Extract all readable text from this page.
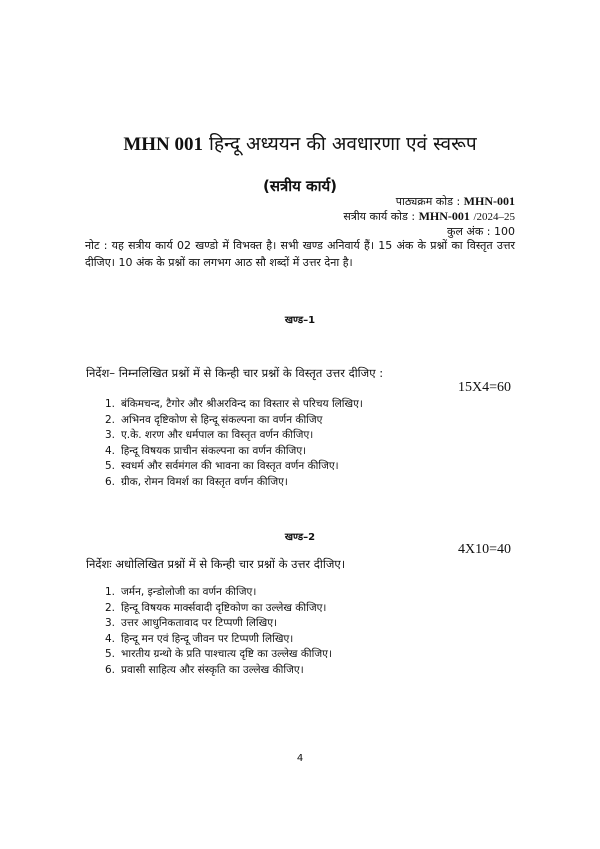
MHN 001 हिन्दू अध्ययन की अवधारणा एवं स्वरूप
(सत्रीय कार्य)
पाठ्यक्रम कोड : MHN-001
सत्रीय कार्य कोड : MHN-001 /2024–25
कुल अंक : 100
नोट : यह सत्रीय कार्य 02 खण्डो में विभक्त है। सभी खण्ड अनिवार्य हैं। 15 अंक के प्रश्नों का विस्तृत उत्तर दीजिए। 10 अंक के प्रश्नों का लगभग आठ सौ शब्दों में उत्तर देना है।
खण्ड–1
निर्देश– निम्नलिखित प्रश्नों में से किन्ही चार प्रश्नों के विस्तृत उत्तर दीजिए :
15X4=60
1. बंकिमचन्द, टैगोर और श्रीअरविन्द का विस्तार से परिचय लिखिए।
2. अभिनव दृष्टिकोण से हिन्दू संकल्पना का वर्णन कीजिए
3. ए.के. शरण और धर्मपाल का विस्तृत वर्णन कीजिए।
4. हिन्दू विषयक प्राचीन संकल्पना का वर्णन कीजिए।
5. स्वधर्म और सर्वमंगल की भावना का विस्तृत वर्णन कीजिए।
6. ग्रीक, रोमन विमर्श का विस्तृत वर्णन कीजिए।
खण्ड–2
4X10=40
निर्देशः अधोलिखित प्रश्नों में से किन्ही चार प्रश्नों के उत्तर दीजिए।
1. जर्मन, इन्डोलोजी का वर्णन कीजिए।
2. हिन्दू विषयक मार्क्सवादी दृष्टिकोण का उल्लेख कीजिए।
3. उत्तर आधुनिकतावाद पर टिप्पणी लिखिए।
4. हिन्दू मन एवं हिन्दू जीवन पर टिप्पणी लिखिए।
5. भारतीय ग्रन्थो के प्रति पाश्चात्य दृष्टि का उल्लेख कीजिए।
6. प्रवासी साहित्य और संस्कृति का उल्लेख कीजिए।
4
